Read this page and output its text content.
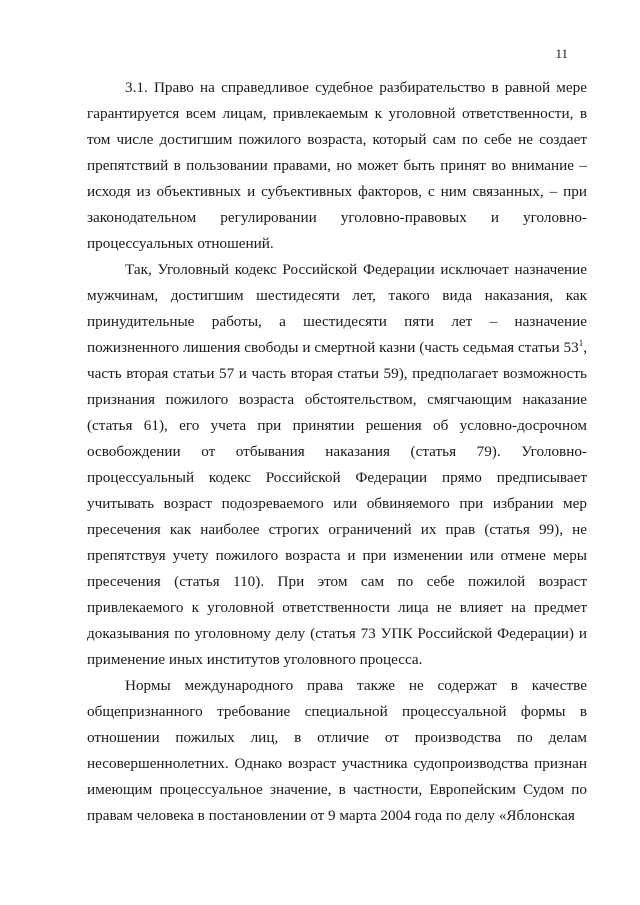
11

3.1. Право на справедливое судебное разбирательство в равной мере гарантируется всем лицам, привлекаемым к уголовной ответственности, в том числе достигшим пожилого возраста, который сам по себе не создает препятствий в пользовании правами, но может быть принят во внимание – исходя из объективных и субъективных факторов, с ним связанных, – при законодательном регулировании уголовно-правовых и уголовно-процессуальных отношений.

Так, Уголовный кодекс Российской Федерации исключает назначение мужчинам, достигшим шестидесяти лет, такого вида наказания, как принудительные работы, а шестидесяти пяти лет – назначение пожизненного лишения свободы и смертной казни (часть седьмая статьи $53^1$, часть вторая статьи 57 и часть вторая статьи 59), предполагает возможность признания пожилого возраста обстоятельством, смягчающим наказание (статья 61), его учета при принятии решения об условно-досрочном освобождении от отбывания наказания (статья 79). Уголовно-процессуальный кодекс Российской Федерации прямо предписывает учитывать возраст подозреваемого или обвиняемого при избрании мер пресечения как наиболее строгих ограничений их прав (статья 99), не препятствуя учету пожилого возраста и при изменении или отмене меры пресечения (статья 110). При этом сам по себе пожилой возраст привлекаемого к уголовной ответственности лица не влияет на предмет доказывания по уголовному делу (статья 73 УПК Российской Федерации) и применение иных институтов уголовного процесса.

Нормы международного права также не содержат в качестве общепризнанного требование специальной процессуальной формы в отношении пожилых лиц, в отличие от производства по делам несовершеннолетних. Однако возраст участника судопроизводства признан имеющим процессуальное значение, в частности, Европейским Судом по правам человека в постановлении от 9 марта 2004 года по делу «Яблонская
